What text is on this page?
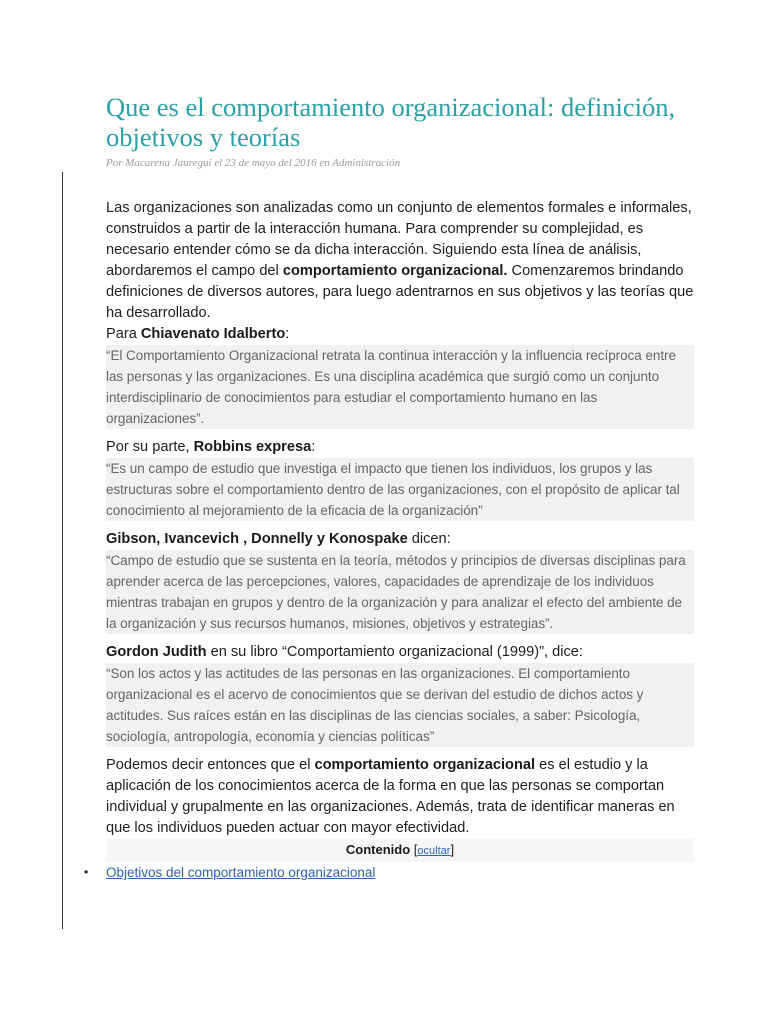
Que es el comportamiento organizacional: definición, objetivos y teorías

Por Macarena Jauregui el 23 de mayo del 2016 en Administración

Las organizaciones son analizadas como un conjunto de elementos formales e informales, construidos a partir de la interacción humana. Para comprender su complejidad, es necesario entender cómo se da dicha interacción. Siguiendo esta línea de análisis, abordaremos el campo del comportamiento organizacional. Comenzaremos brindando definiciones de diversos autores, para luego adentrarnos en sus objetivos y las teorías que ha desarrollado.

Para Chiavenato Idalberto:

“El Comportamiento Organizacional retrata la continua interacción y la influencia recíproca entre las personas y las organizaciones. Es una disciplina académica que surgió como un conjunto interdisciplinario de conocimientos para estudiar el comportamiento humano en las organizaciones”.

Por su parte, Robbins expresa:

“Es un campo de estudio que investiga el impacto que tienen los individuos, los grupos y las estructuras sobre el comportamiento dentro de las organizaciones, con el propósito de aplicar tal conocimiento al mejoramiento de la eficacia de la organización”

Gibson, Ivancevich , Donnelly y Konospake dicen:

“Campo de estudio que se sustenta en la teoría, métodos y principios de diversas disciplinas para aprender acerca de las percepciones, valores, capacidades de aprendizaje de los individuos mientras trabajan en grupos y dentro de la organización y para analizar el efecto del ambiente de la organización y sus recursos humanos, misiones, objetivos y estrategias”.

Gordon Judith en su libro “Comportamiento organizacional (1999)”, dice:

“Son los actos y las actitudes de las personas en las organizaciones. El comportamiento organizacional es el acervo de conocimientos que se derivan del estudio de dichos actos y actitudes. Sus raíces están en las disciplinas de las ciencias sociales, a saber: Psicología, sociología, antropología, economía y ciencias políticas”

Podemos decir entonces que el comportamiento organizacional es el estudio y la aplicación de los conocimientos acerca de la forma en que las personas se comportan individual y grupalmente en las organizaciones. Además, trata de identificar maneras en que los individuos pueden actuar con mayor efectividad.

Contenido [ocultar]

• Objetivos del comportamiento organizacional
